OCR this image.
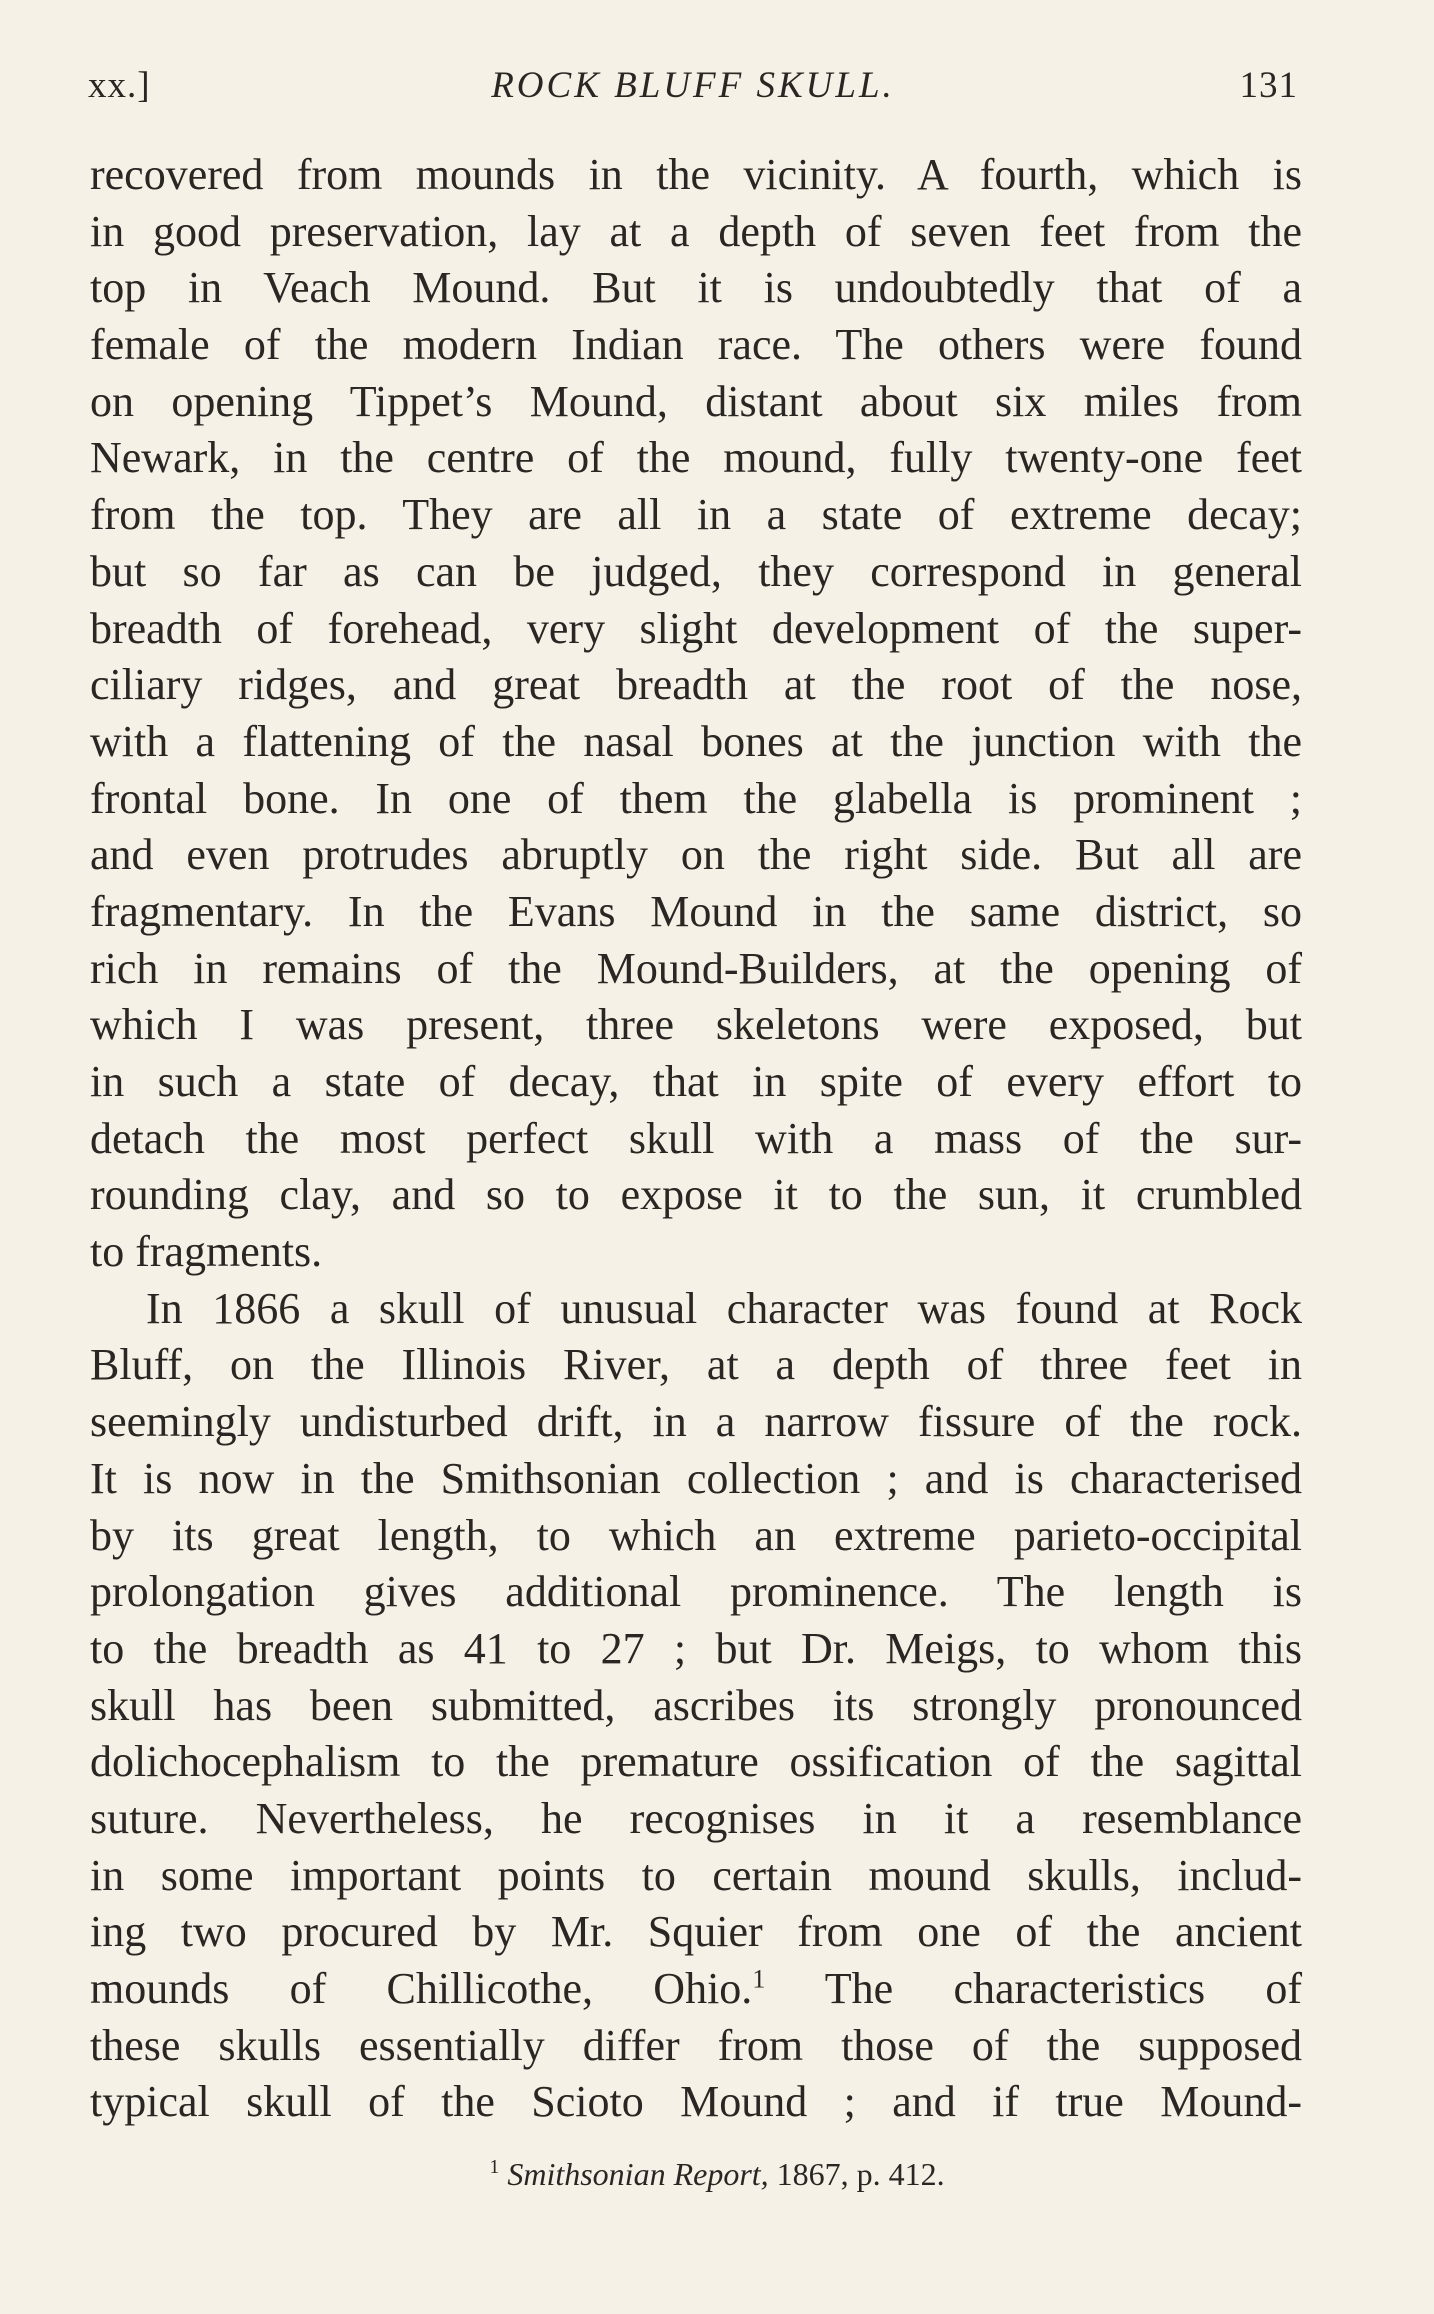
xx.]	ROCK BLUFF SKULL.	131
recovered from mounds in the vicinity. A fourth, which is
in good preservation, lay at a depth of seven feet from the
top in Veach Mound. But it is undoubtedly that of a
female of the modern Indian race. The others were found
on opening Tippet’s Mound, distant about six miles from
Newark, in the centre of the mound, fully twenty-one feet
from the top. They are all in a state of extreme decay;
but so far as can be judged, they correspond in general
breadth of forehead, very slight development of the super-
ciliary ridges, and great breadth at the root of the nose,
with a flattening of the nasal bones at the junction with the
frontal bone. In one of them the glabella is prominent ;
and even protrudes abruptly on the right side. But all are
fragmentary. In the Evans Mound in the same district, so
rich in remains of the Mound-Builders, at the opening of
which I was present, three skeletons were exposed, but
in such a state of decay, that in spite of every effort to
detach the most perfect skull with a mass of the sur-
rounding clay, and so to expose it to the sun, it crumbled
to fragments.
In 1866 a skull of unusual character was found at Rock
Bluff, on the Illinois River, at a depth of three feet in
seemingly undisturbed drift, in a narrow fissure of the rock.
It is now in the Smithsonian collection ; and is characterised
by its great length, to which an extreme parieto-occipital
prolongation gives additional prominence. The length is
to the breadth as 41 to 27 ; but Dr. Meigs, to whom this
skull has been submitted, ascribes its strongly pronounced
dolichocephalism to the premature ossification of the sagittal
suture. Nevertheless, he recognises in it a resemblance
in some important points to certain mound skulls, includ-
ing two procured by Mr. Squier from one of the ancient
mounds of Chillicothe, Ohio.$^1$ The characteristics of
these skulls essentially differ from those of the supposed
typical skull of the Scioto Mound ; and if true Mound-
$^1$ Smithsonian Report, 1867, p. 412.
